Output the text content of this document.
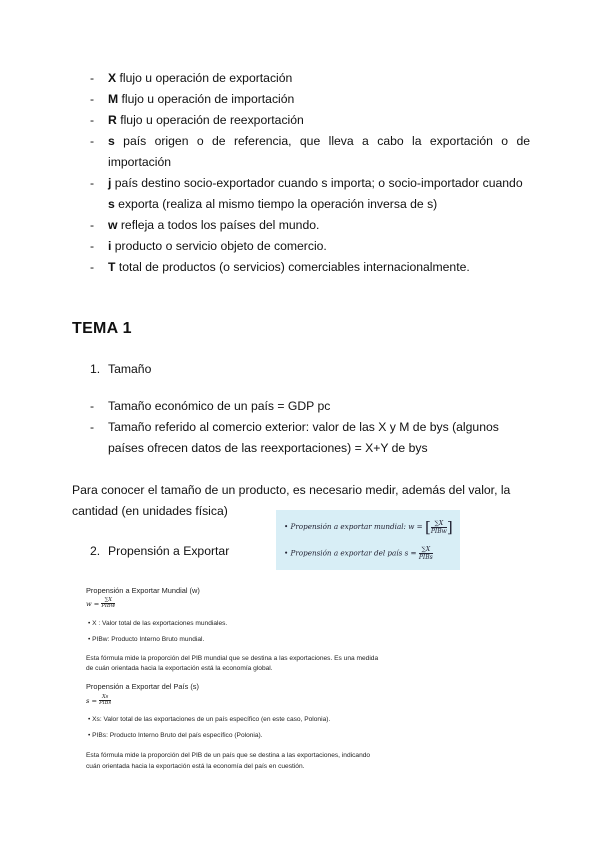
- X flujo u operación de exportación
- M flujo u operación de importación
- R flujo u operación de reexportación
- s país origen o de referencia, que lleva a cabo la exportación o de importación
- j país destino socio-exportador cuando s importa; o socio-importador cuando s exporta (realiza al mismo tiempo la operación inversa de s)
- w refleja a todos los países del mundo.
- i producto o servicio objeto de comercio.
- T total de productos (o servicios) comerciables internacionalmente.
TEMA 1
1. Tamaño
- Tamaño económico de un país = GDP pc
- Tamaño referido al comercio exterior: valor de las X y M de bys (algunos países ofrecen datos de las reexportaciones) = X+Y de bys
Para conocer el tamaño de un producto, es necesario medir, además del valor, la cantidad (en unidades física)
2. Propensión a Exportar
• Propensión a exportar mundial: w = [ $\frac{\sum X}{\text{PIBw}}$ ]
• Propensión a exportar del país $s = \frac{\sum X}{\text{PIBs}}$
Propensión a Exportar Mundial (w)
$w = \frac{\sum X}{\text{PIBw}}$
• X : Valor total de las exportaciones mundiales.
• PIBw: Producto Interno Bruto mundial.
Esta fórmula mide la proporción del PIB mundial que se destina a las exportaciones. Es una medida
de cuán orientada hacia la exportación está la economía global.
Propensión a Exportar del País (s)
$s = \frac{Xs}{\text{PIBs}}$
• Xs: Valor total de las exportaciones de un país específico (en este caso, Polonia).
• PIBs: Producto Interno Bruto del país específico (Polonia).
Esta fórmula mide la proporción del PIB de un país que se destina a las exportaciones, indicando
cuán orientada hacia la exportación está la economía del país en cuestión.
